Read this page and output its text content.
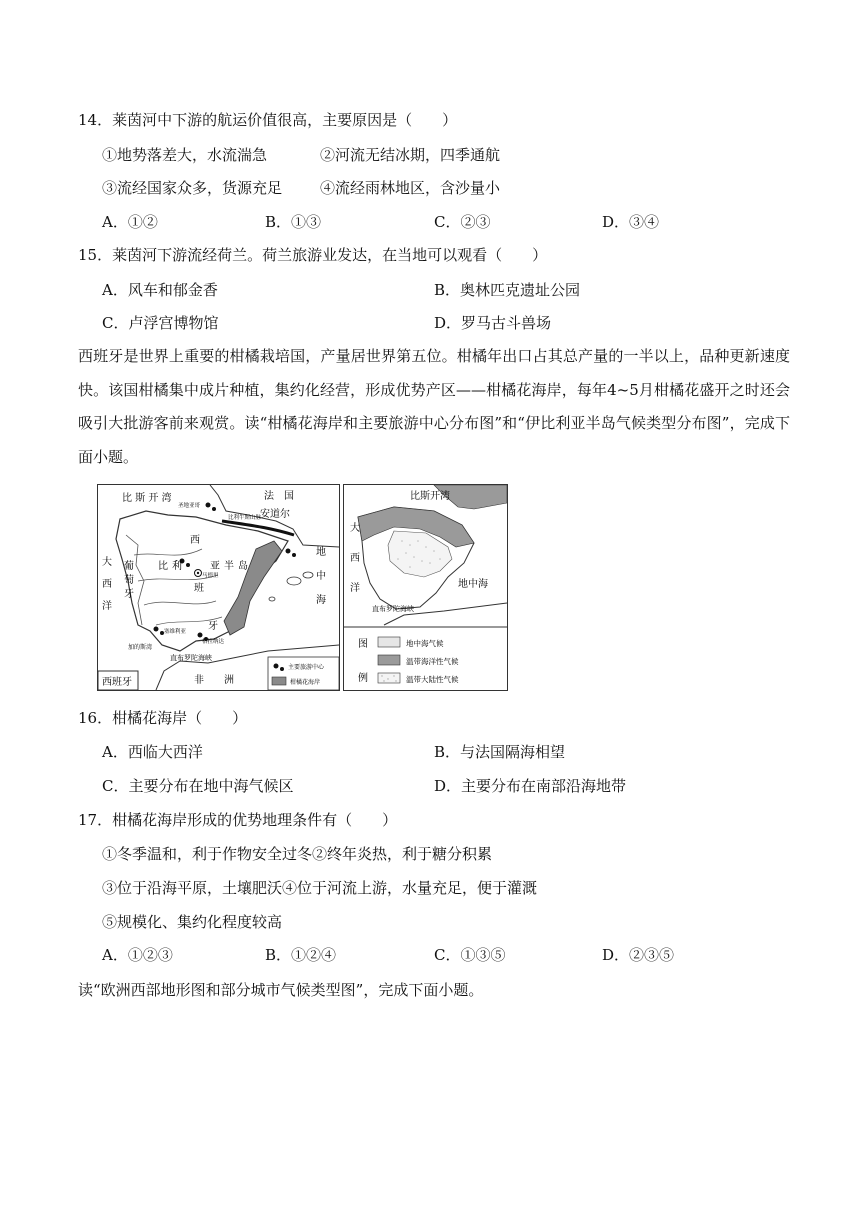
14．莱茵河中下游的航运价值很高，主要原因是（　　）
①地势落差大，水流湍急	②河流无结冰期，四季通航
③流经国家众多，货源充足	④流经雨林地区，含沙量小
A．①②	B．①③	C．②③	D．③④
15．莱茵河下游流经荷兰。荷兰旅游业发达，在当地可以观看（　　）
A．风车和郁金香	B．奥林匹克遗址公园
C．卢浮宫博物馆	D．罗马古斗兽场
西班牙是世界上重要的柑橘栽培国，产量居世界第五位。柑橘年出口占其总产量的一半以上，品种更新速度快。该国柑橘集中成片种植，集约化经营，形成优势产区——柑橘花海岸，每年4~5月柑橘花盛开之时还会吸引大批游客前来观赏。读“柑橘花海岸和主要旅游中心分布图”和“伊比利亚半岛气候类型分布图”，完成下面小题。
比 斯 开 湾	法　国
安道尔
比利牛斯山脉
圣地亚哥
大
西
洋
葡
萄
牙
西
比 利	亚 半 岛
班
牙
马德里
地
中
海
塞维利亚
加的斯湾
格拉纳达
直布罗陀海峡
非　　洲
西班牙
主要旅游中心
柑橘花海岸
比斯开湾
大
西
洋	地中海
直布罗陀海峡
图
例
地中海气候
温带海洋性气候
温带大陆性气候
16．柑橘花海岸（　　）
A．西临大西洋	B．与法国隔海相望
C．主要分布在地中海气候区	D．主要分布在南部沿海地带
17．柑橘花海岸形成的优势地理条件有（　　）
①冬季温和，利于作物安全过冬②终年炎热，利于糖分积累
③位于沿海平原，土壤肥沃④位于河流上游，水量充足，便于灌溉
⑤规模化、集约化程度较高
A．①②③	B．①②④	C．①③⑤	D．②③⑤
读“欧洲西部地形图和部分城市气候类型图”，完成下面小题。
